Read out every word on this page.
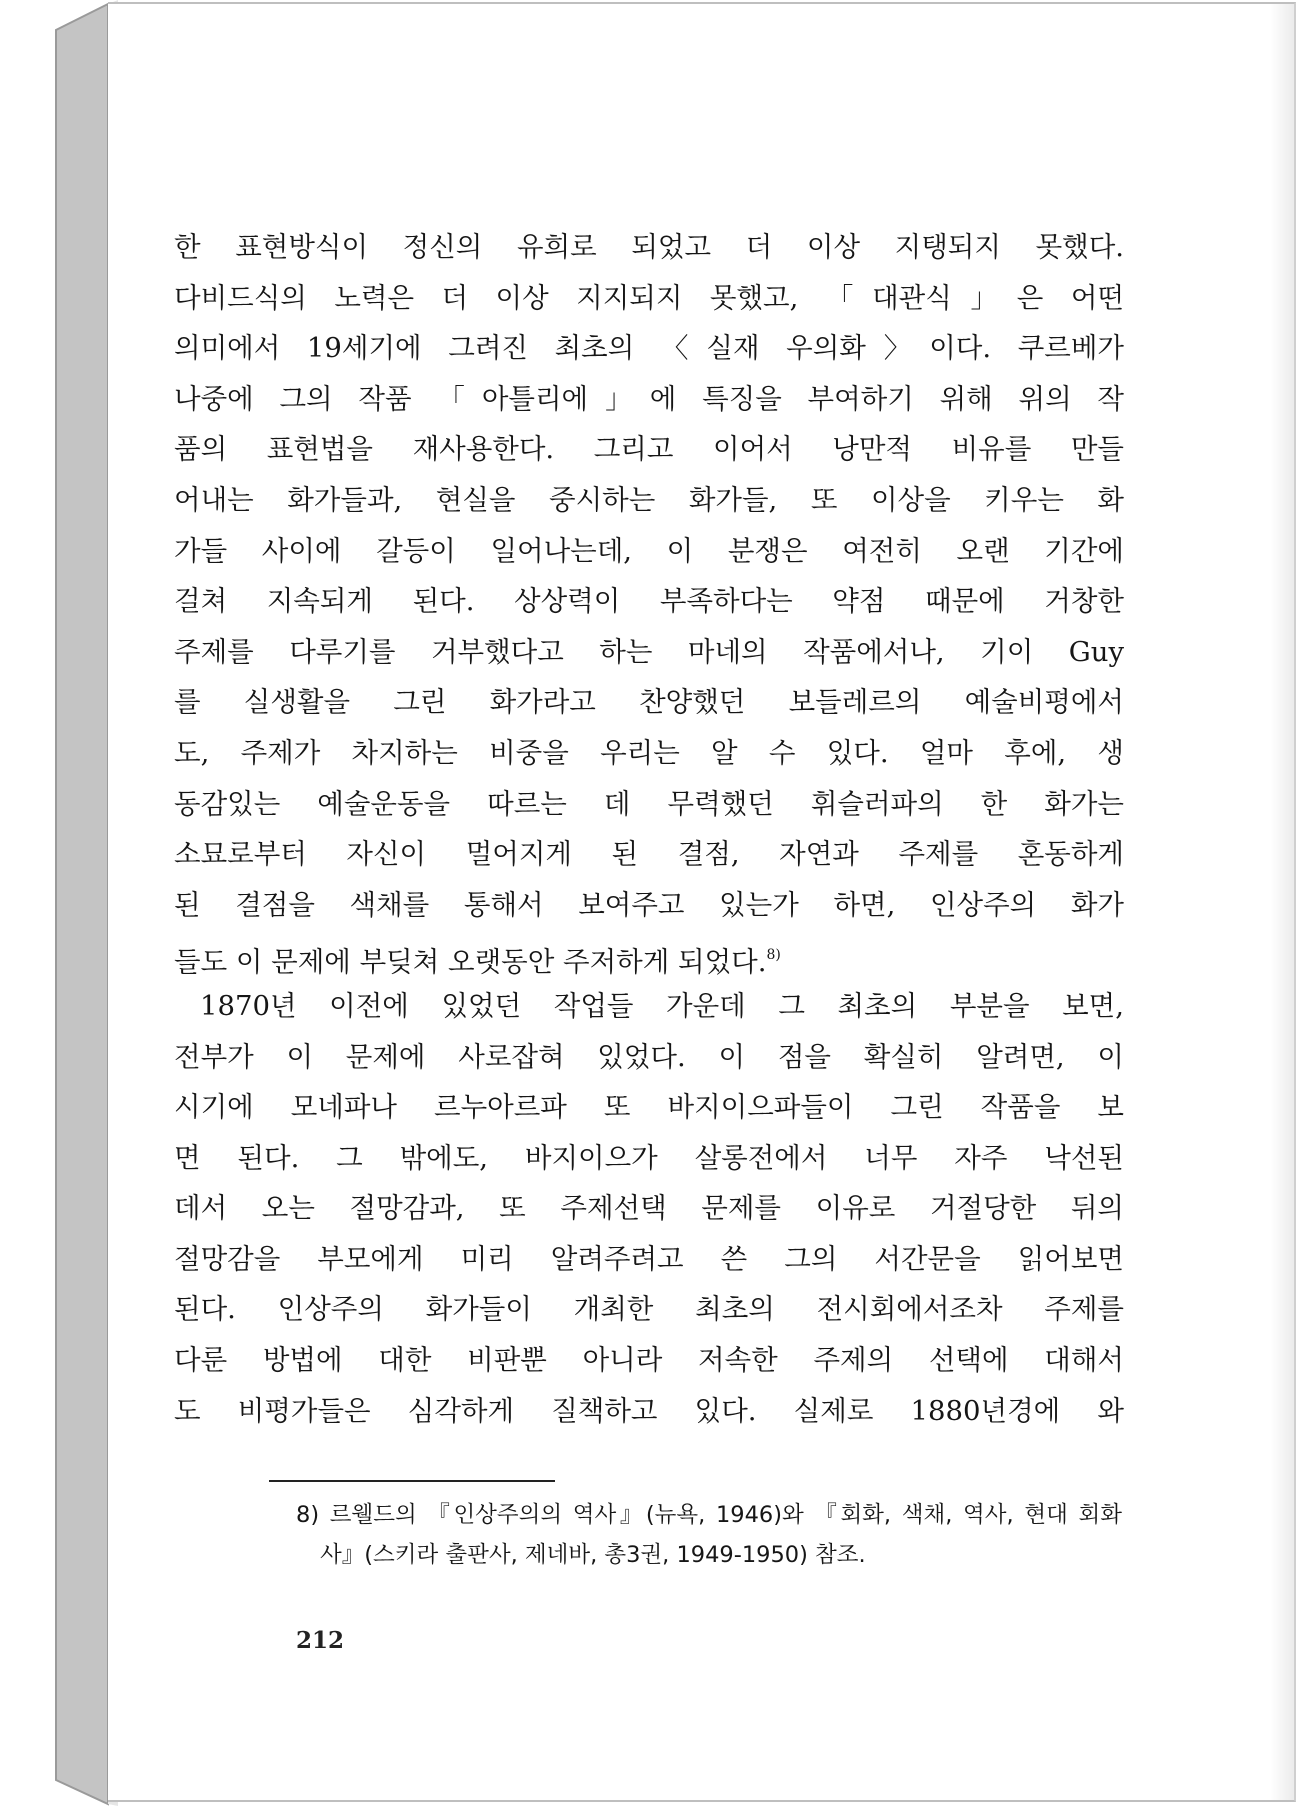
한 표현방식이 정신의 유희로 되었고 더 이상 지탱되지 못했다.
다비드식의 노력은 더 이상 지지되지 못했고, 「대관식」은 어떤
의미에서 19세기에 그려진 최초의 〈실재 우의화〉이다. 쿠르베가
나중에 그의 작품 「아틀리에」에 특징을 부여하기 위해 위의 작
품의 표현법을 재사용한다. 그리고 이어서 낭만적 비유를 만들
어내는 화가들과, 현실을 중시하는 화가들, 또 이상을 키우는 화
가들 사이에 갈등이 일어나는데, 이 분쟁은 여전히 오랜 기간에
걸쳐 지속되게 된다. 상상력이 부족하다는 약점 때문에 거창한
주제를 다루기를 거부했다고 하는 마네의 작품에서나, 기이 Guy
를 실생활을 그린 화가라고 찬양했던 보들레르의 예술비평에서
도, 주제가 차지하는 비중을 우리는 알 수 있다. 얼마 후에, 생
동감있는 예술운동을 따르는 데 무력했던 휘슬러파의 한 화가는
소묘로부터 자신이 멀어지게 된 결점, 자연과 주제를 혼동하게
된 결점을 색채를 통해서 보여주고 있는가 하면, 인상주의 화가
들도 이 문제에 부딪쳐 오랫동안 주저하게 되었다.$^{8)}$
1870년 이전에 있었던 작업들 가운데 그 최초의 부분을 보면,
전부가 이 문제에 사로잡혀 있었다. 이 점을 확실히 알려면, 이
시기에 모네파나 르누아르파 또 바지이으파들이 그린 작품을 보
면 된다. 그 밖에도, 바지이으가 살롱전에서 너무 자주 낙선된
데서 오는 절망감과, 또 주제선택 문제를 이유로 거절당한 뒤의
절망감을 부모에게 미리 알려주려고 쓴 그의 서간문을 읽어보면
된다. 인상주의 화가들이 개최한 최초의 전시회에서조차 주제를
다룬 방법에 대한 비판뿐 아니라 저속한 주제의 선택에 대해서
도 비평가들은 심각하게 질책하고 있다. 실제로 1880년경에 와
8) 르웰드의 『인상주의의 역사』(뉴욕, 1946)와 『회화, 색채, 역사, 현대 회화
사』(스키라 출판사, 제네바, 총3권, 1949-1950) 참조.
212
